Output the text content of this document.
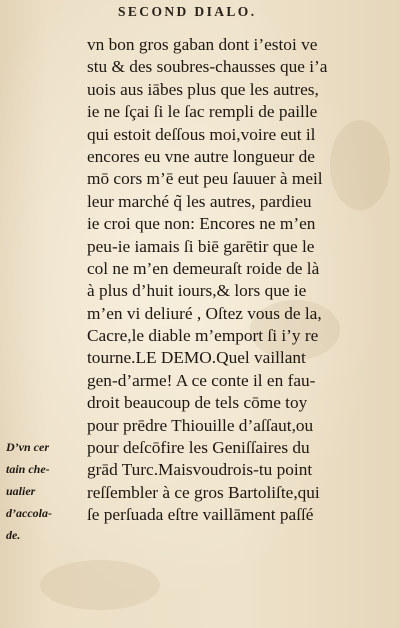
SECOND DIALO.
vn bon gros gaban dont i’estoi ve
stu & des soubres-chausses que i’a
uois aus iābes plus que les autres,
ie ne ſçai ſi le ſac rempli de paille
qui estoit deſſous moi,voire eut il
encores eu vne autre longueur de
mō cors m’ē eut peu ſauuer à meil
leur marché q̃ les autres, pardieu
ie croi que non: Encores ne m’en
peu-ie iamais ſi biē garētir que le
col ne m’en demeuraſt roide de là
à plus d’huit iours,& lors que ie
m’en vi deliuré , Oſtez vous de la,
Cacre,le diable m’emport ſi i’y re
tourne.LE DEMO.Quel vaillant
gen-d’arme! A ce conte il en fau-
droit beaucoup de tels cōme toy
pour prēdre Thiouille d’aſſaut,ou
pour deſcōfire les Geniſſaires du
grād Turc.Maisvoudrois-tu point
reſſembler à ce gros Bartoliſte,qui
ſe perſuada eſtre vaillāment paſſé
D’vn cer
tain che-
ualier
d’accola-
de.
